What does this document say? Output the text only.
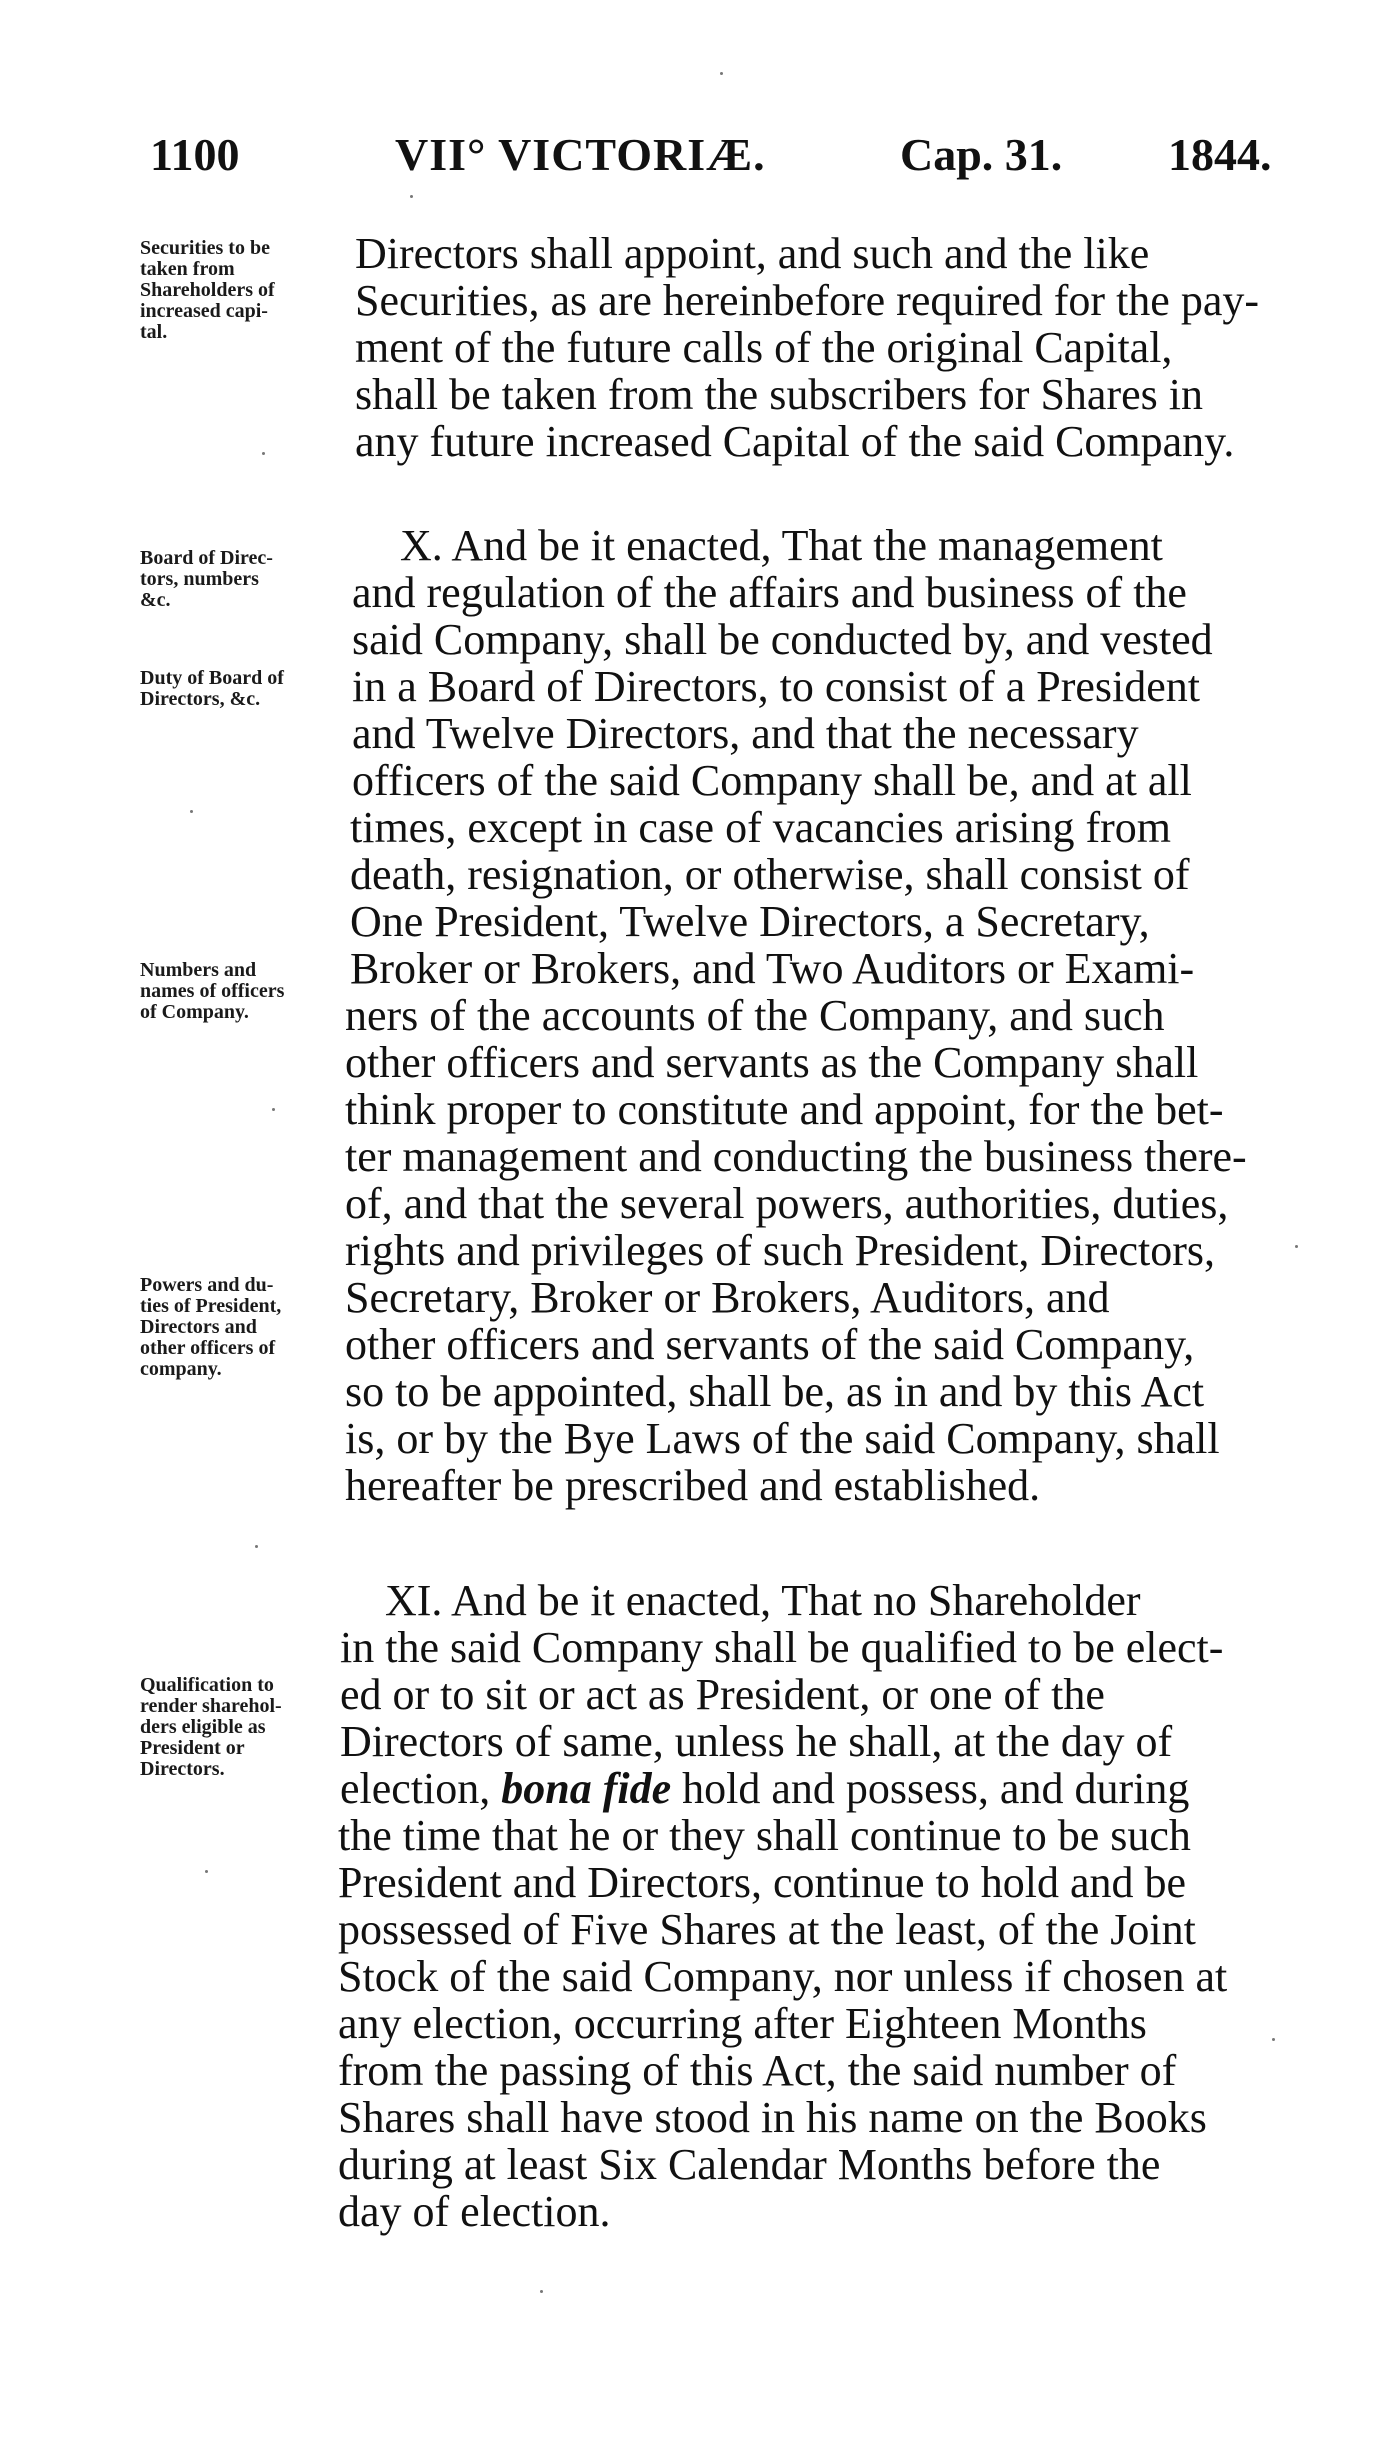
1100	VII° VICTORIÆ.	Cap. 31. 1844.
Securities to be
taken from
Shareholders of
increased capi-
tal.
Board of Direc-
tors, numbers
&c.
Duty of Board of
Directors, &c.
Numbers and
names of officers
of Company.
Powers and du-
ties of President,
Directors and
other officers of
company.
Qualification to
render sharehol-
ders eligible as
President or
Directors.
Directors shall appoint, and such and the like
Securities, as are hereinbefore required for the pay-
ment of the future calls of the original Capital,
shall be taken from the subscribers for Shares in
any future increased Capital of the said Company.
X. And be it enacted, That the management
and regulation of the affairs and business of the
said Company, shall be conducted by, and vested
in a Board of Directors, to consist of a President
and Twelve Directors, and that the necessary
officers of the said Company shall be, and at all
times, except in case of vacancies arising from
death, resignation, or otherwise, shall consist of
One President, Twelve Directors, a Secretary,
Broker or Brokers, and Two Auditors or Exami-
ners of the accounts of the Company, and such
other officers and servants as the Company shall
think proper to constitute and appoint, for the bet-
ter management and conducting the business there-
of, and that the several powers, authorities, duties,
rights and privileges of such President, Directors,
Secretary, Broker or Brokers, Auditors, and
other officers and servants of the said Company,
so to be appointed, shall be, as in and by this Act
is, or by the Bye Laws of the said Company, shall
hereafter be prescribed and established.
XI. And be it enacted, That no Shareholder
in the said Company shall be qualified to be elect-
ed or to sit or act as President, or one of the
Directors of same, unless he shall, at the day of
election, bona fide hold and possess, and during
the time that he or they shall continue to be such
President and Directors, continue to hold and be
possessed of Five Shares at the least, of the Joint
Stock of the said Company, nor unless if chosen at
any election, occurring after Eighteen Months
from the passing of this Act, the said number of
Shares shall have stood in his name on the Books
during at least Six Calendar Months before the
day of election.
